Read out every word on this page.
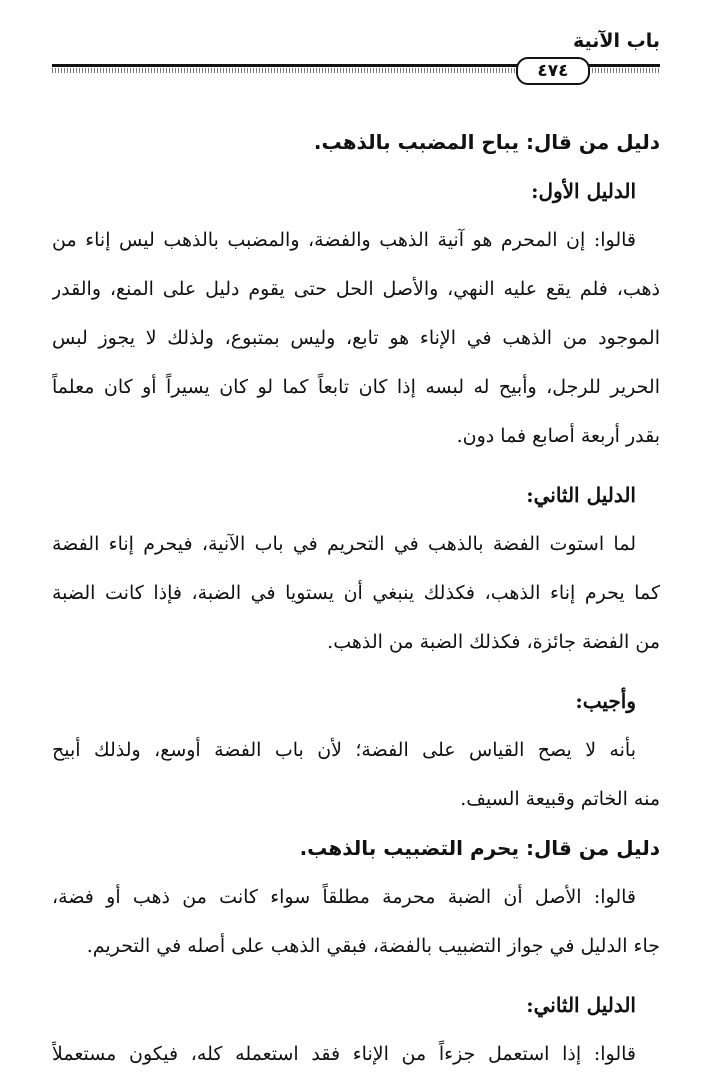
باب الآنية
٤٧٤
دليل من قال: يباح المضبب بالذهب.
الدليل الأول:
قالوا: إن المحرم هو آنية الذهب والفضة، والمضبب بالذهب ليس إناء من
ذهب، فلم يقع عليه النهي، والأصل الحل حتى يقوم دليل على المنع، والقدر
الموجود من الذهب في الإناء هو تابع، وليس بمتبوع، ولذلك لا يجوز لبس
الحرير للرجل، وأبيح له لبسه إذا كان تابعاً كما لو كان يسيراً أو كان معلماً
بقدر أربعة أصابع فما دون.
الدليل الثاني:
لما استوت الفضة بالذهب في التحريم في باب الآنية، فيحرم إناء الفضة
كما يحرم إناء الذهب، فكذلك ينبغي أن يستويا في الضبة، فإذا كانت الضبة
من الفضة جائزة، فكذلك الضبة من الذهب.
وأجيب:
بأنه لا يصح القياس على الفضة؛ لأن باب الفضة أوسع، ولذلك أبيح
منه الخاتم وقبيعة السيف.
دليل من قال: يحرم التضبيب بالذهب.
قالوا: الأصل أن الضبة محرمة مطلقاً سواء كانت من ذهب أو فضة،
جاء الدليل في جواز التضبيب بالفضة، فبقي الذهب على أصله في التحريم.
الدليل الثاني:
قالوا: إذا استعمل جزءاً من الإناء فقد استعمله كله، فيكون مستعملاً
